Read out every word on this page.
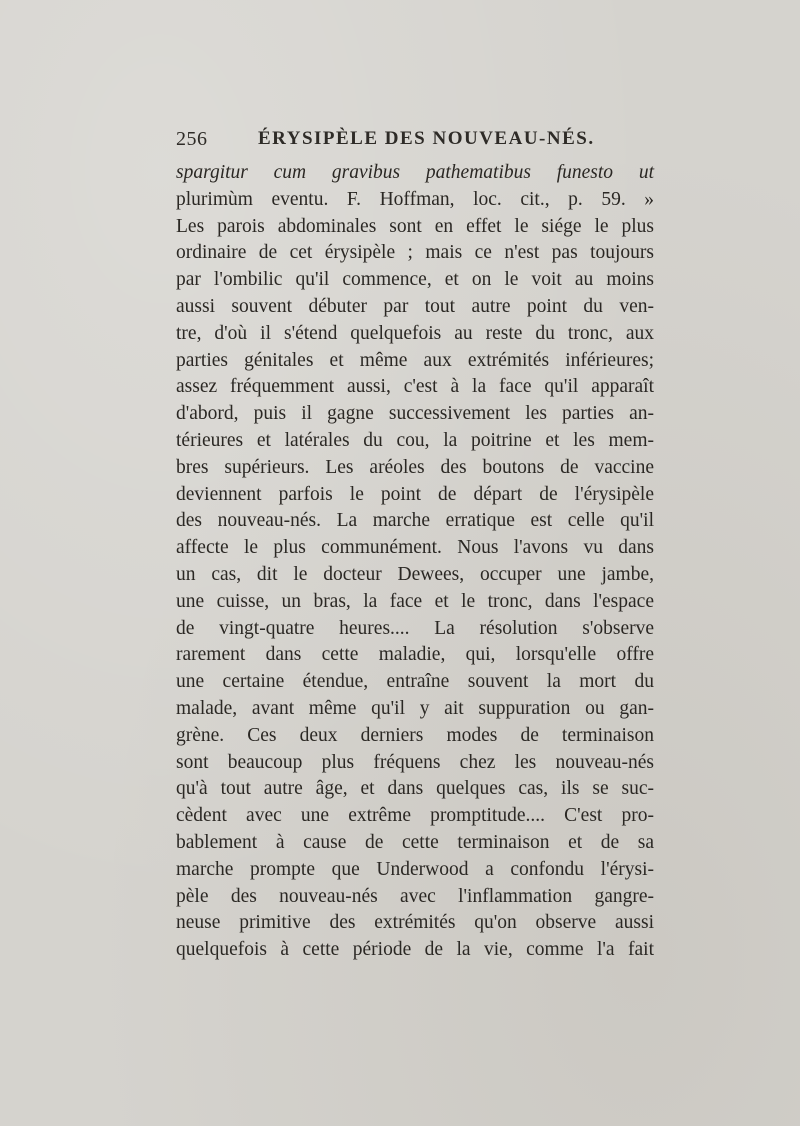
256	ÉRYSIPÈLE DES NOUVEAU-NÉS.
spargitur cum gravibus pathematibus funesto ut
plurimùm eventu. F. Hoffman, loc. cit., p. 59. »
Les parois abdominales sont en effet le siége le plus
ordinaire de cet érysipèle ; mais ce n'est pas toujours
par l'ombilic qu'il commence, et on le voit au moins
aussi souvent débuter par tout autre point du ven-
tre, d'où il s'étend quelquefois au reste du tronc, aux
parties génitales et même aux extrémités inférieures;
assez fréquemment aussi, c'est à la face qu'il apparaît
d'abord, puis il gagne successivement les parties an-
térieures et latérales du cou, la poitrine et les mem-
bres supérieurs. Les aréoles des boutons de vaccine
deviennent parfois le point de départ de l'érysipèle
des nouveau-nés. La marche erratique est celle qu'il
affecte le plus communément. Nous l'avons vu dans
un cas, dit le docteur Dewees, occuper une jambe,
une cuisse, un bras, la face et le tronc, dans l'espace
de vingt-quatre heures.... La résolution s'observe
rarement dans cette maladie, qui, lorsqu'elle offre
une certaine étendue, entraîne souvent la mort du
malade, avant même qu'il y ait suppuration ou gan-
grène. Ces deux derniers modes de terminaison
sont beaucoup plus fréquens chez les nouveau-nés
qu'à tout autre âge, et dans quelques cas, ils se suc-
cèdent avec une extrême promptitude.... C'est pro-
bablement à cause de cette terminaison et de sa
marche prompte que Underwood a confondu l'érysi-
pèle des nouveau-nés avec l'inflammation gangre-
neuse primitive des extrémités qu'on observe aussi
quelquefois à cette période de la vie, comme l'a fait
